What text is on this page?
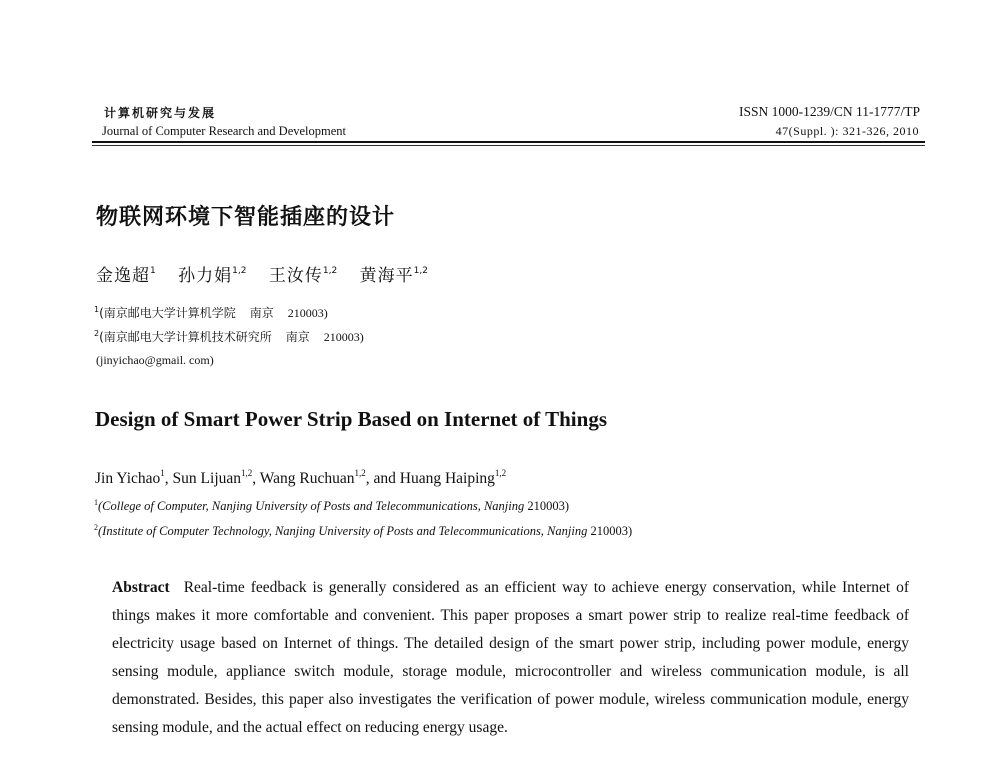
计算机研究与发展
Journal of Computer Research and Development
ISSN 1000-1239/CN 11-1777/TP
47(Suppl. ): 321-326, 2010
物联网环境下智能插座的设计
金逸超$^1$ 孙力娟$^{1,2}$ 王汝传$^{1,2}$ 黄海平$^{1,2}$
$^1$(南京邮电大学计算机学院 南京 210003)
$^2$(南京邮电大学计算机技术研究所 南京 210003)
(jinyichao@gmail. com)
Design of Smart Power Strip Based on Internet of Things
Jin Yichao$^1$, Sun Lijuan$^{1,2}$, Wang Ruchuan$^{1,2}$, and Huang Haiping$^{1,2}$
$^1$(College of Computer, Nanjing University of Posts and Telecommunications, Nanjing 210003)
$^2$(Institute of Computer Technology, Nanjing University of Posts and Telecommunications, Nanjing 210003)

Abstract Real-time feedback is generally considered as an efficient way to achieve energy conservation, while Internet of things makes it more comfortable and convenient. This paper proposes a smart power strip to realize real-time feedback of electricity usage based on Internet of things. The detailed design of the smart power strip, including power module, energy sensing module, appliance switch module, storage module, microcontroller and wireless communication module, is all demonstrated. Besides, this paper also investigates the verification of power module, wireless communication module, energy sensing module, and the actual effect on reducing energy usage.
